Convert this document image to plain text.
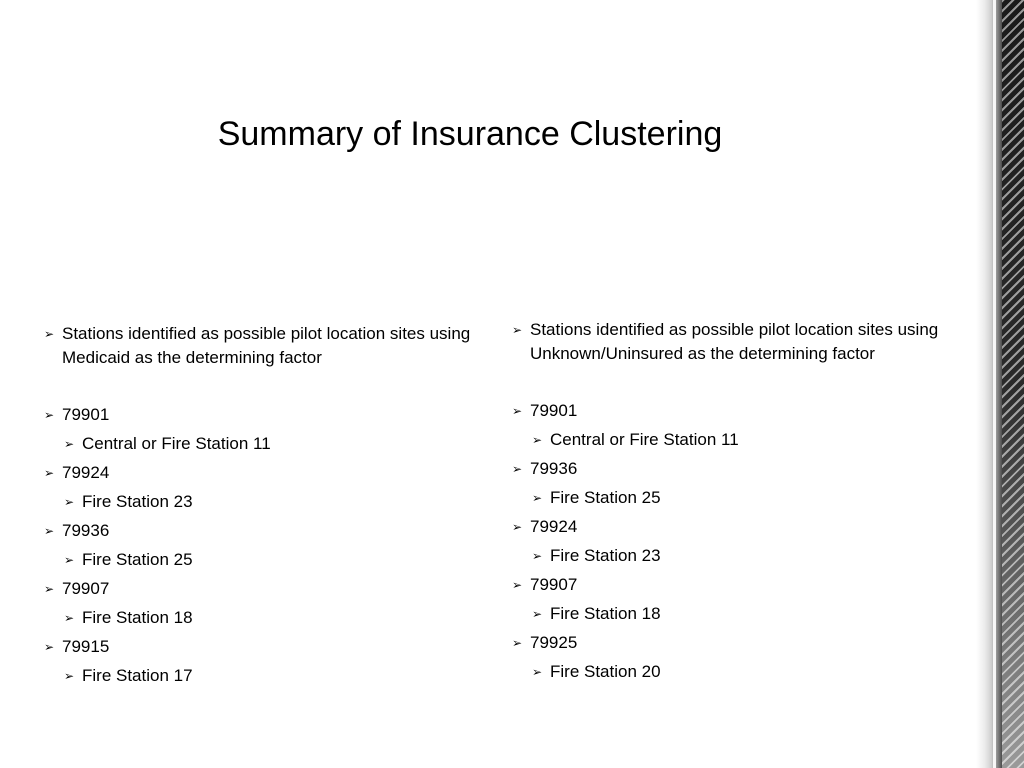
Summary of Insurance Clustering
➢ Stations identified as possible pilot location sites using Medicaid as the determining factor
➢ 79901
➢ Central or Fire Station 11
➢ 79924
➢ Fire Station 23
➢ 79936
➢ Fire Station 25
➢ 79907
➢ Fire Station 18
➢ 79915
➢ Fire Station 17
➢ Stations identified as possible pilot location sites using Unknown/Uninsured as the determining factor
➢ 79901
➢ Central or Fire Station 11
➢ 79936
➢ Fire Station 25
➢ 79924
➢ Fire Station 23
➢ 79907
➢ Fire Station 18
➢ 79925
➢ Fire Station 20
